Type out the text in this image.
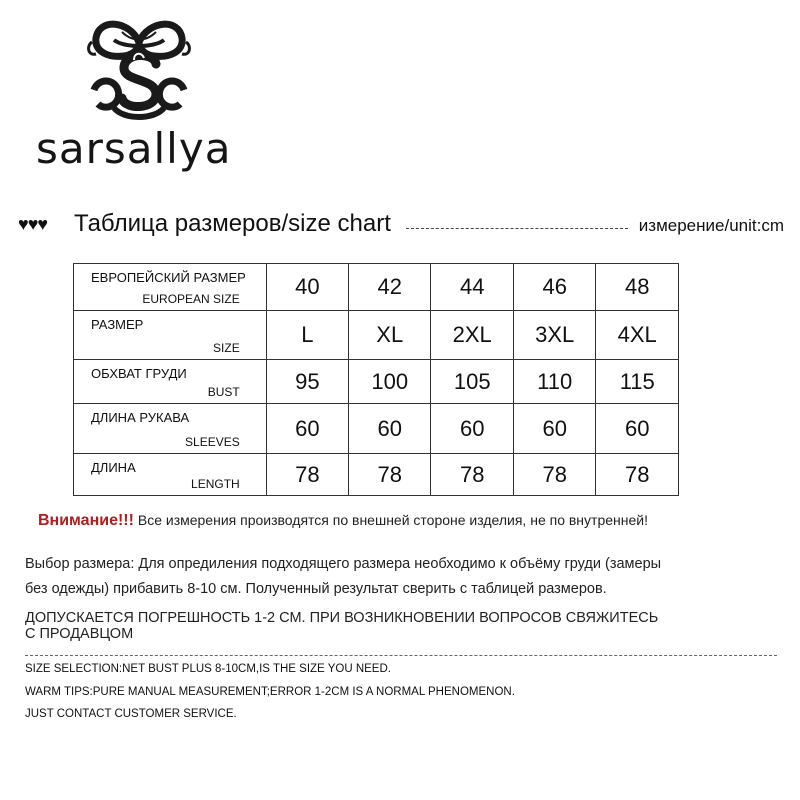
sarsallya
♥♥♥ Таблица размеров/size chart	измерение/unit:cm
ЕВРОПЕЙСКИЙ РАЗМЕР
EUROPEAN SIZE	40	42	44	46	48

РАЗМЕР
SIZE	L	XL	2XL	3XL	4XL

ОБХВАТ ГРУДИ
BUST	95	100	105	110	115

ДЛИНА РУКАВА
SLEEVES	60	60	60	60	60

ДЛИНА
LENGTH	78	78	78	78	78
Внимание!!! Все измерения производятся по внешней стороне изделия, не по внутренней!
Выбор размера: Для опредиления подходящего размера необходимо к объёму груди (замеры
без одежды) прибавить 8-10 см. Полученный результат сверить с таблицей размеров.
ДОПУСКАЕТСЯ ПОГРЕШНОСТЬ 1-2 СМ. ПРИ ВОЗНИКНОВЕНИИ ВОПРОСОВ СВЯЖИТЕСЬ
С ПРОДАВЦОМ
SIZE SELECTION:NET BUST PLUS 8-10CM,IS THE SIZE YOU NEED.
WARM TIPS:PURE MANUAL MEASUREMENT;ERROR 1-2CM IS A NORMAL PHENOMENON.
JUST CONTACT CUSTOMER SERVICE.
